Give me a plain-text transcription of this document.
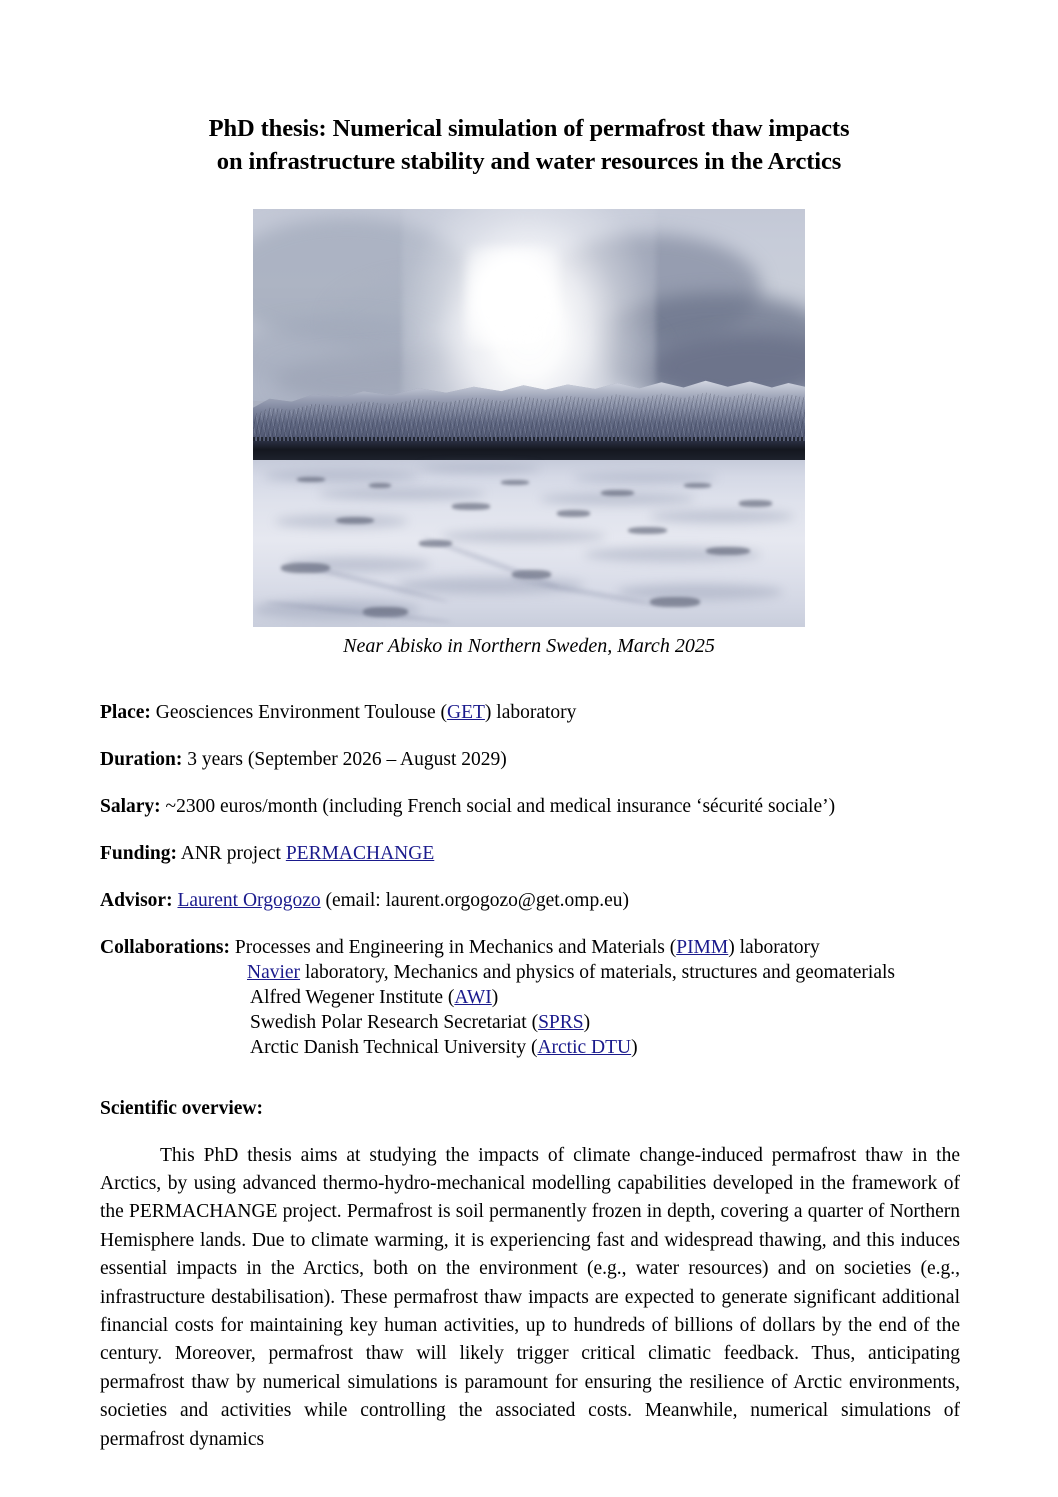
PhD thesis: Numerical simulation of permafrost thaw impacts
on infrastructure stability and water resources in the Arctics
Near Abisko in Northern Sweden, March 2025
Place: Geosciences Environment Toulouse (GET) laboratory
Duration: 3 years (September 2026 – August 2029)
Salary: ~2300 euros/month (including French social and medical insurance ‘sécurité sociale’)
Funding: ANR project PERMACHANGE
Advisor: Laurent Orgogozo (email: laurent.orgogozo@get.omp.eu)
Collaborations: Processes and Engineering in Mechanics and Materials (PIMM) laboratory
Navier laboratory, Mechanics and physics of materials, structures and geomaterials
Alfred Wegener Institute (AWI)
Swedish Polar Research Secretariat (SPRS)
Arctic Danish Technical University (Arctic DTU)
Scientific overview:

This PhD thesis aims at studying the impacts of climate change-induced permafrost thaw in the Arctics, by using advanced thermo-hydro-mechanical modelling capabilities developed in the framework of the PERMACHANGE project. Permafrost is soil permanently frozen in depth, covering a quarter of Northern Hemisphere lands. Due to climate warming, it is experiencing fast and widespread thawing, and this induces essential impacts in the Arctics, both on the environment (e.g., water resources) and on societies (e.g., infrastructure destabilisation). These permafrost thaw impacts are expected to generate significant additional financial costs for maintaining key human activities, up to hundreds of billions of dollars by the end of the century. Moreover, permafrost thaw will likely trigger critical climatic feedback. Thus, anticipating permafrost thaw by numerical simulations is paramount for ensuring the resilience of Arctic environments, societies and activities while controlling the associated costs. Meanwhile, numerical simulations of permafrost dynamics
